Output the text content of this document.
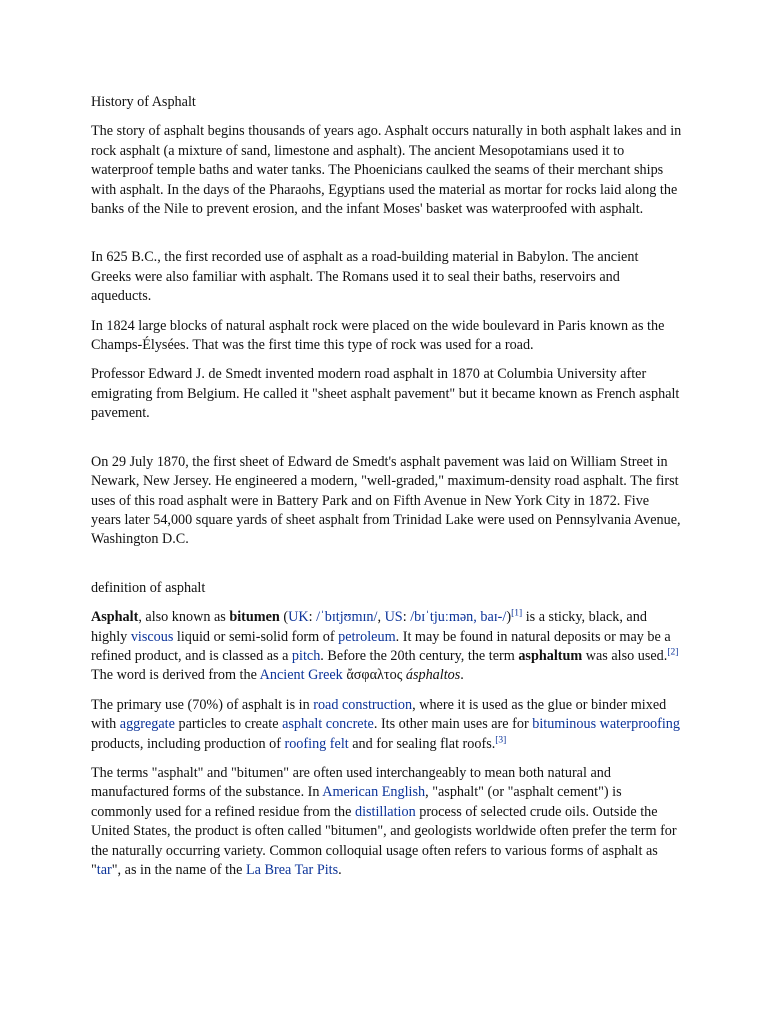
History of Asphalt

The story of asphalt begins thousands of years ago. Asphalt occurs naturally in both asphalt lakes and in rock asphalt (a mixture of sand, limestone and asphalt). The ancient Mesopotamians used it to waterproof temple baths and water tanks. The Phoenicians caulked the seams of their merchant ships with asphalt. In the days of the Pharaohs, Egyptians used the material as mortar for rocks laid along the banks of the Nile to prevent erosion, and the infant Moses' basket was waterproofed with asphalt.

In 625 B.C., the first recorded use of asphalt as a road-building material in Babylon. The ancient Greeks were also familiar with asphalt. The Romans used it to seal their baths, reservoirs and aqueducts.

In 1824 large blocks of natural asphalt rock were placed on the wide boulevard in Paris known as the Champs-Élysées. That was the first time this type of rock was used for a road.

Professor Edward J. de Smedt invented modern road asphalt in 1870 at Columbia University after emigrating from Belgium. He called it "sheet asphalt pavement" but it became known as French asphalt pavement.

On 29 July 1870, the first sheet of Edward de Smedt's asphalt pavement was laid on William Street in Newark, New Jersey. He engineered a modern, "well-graded," maximum-density road asphalt. The first uses of this road asphalt were in Battery Park and on Fifth Avenue in New York City in 1872. Five years later 54,000 square yards of sheet asphalt from Trinidad Lake were used on Pennsylvania Avenue, Washington D.C.

definition of asphalt

Asphalt, also known as bitumen (UK: /ˈbɪtjʊmɪn/, US: /bɪˈtjuːmən, baɪ-/)[1] is a sticky, black, and highly viscous liquid or semi-solid form of petroleum. It may be found in natural deposits or may be a refined product, and is classed as a pitch. Before the 20th century, the term asphaltum was also used.[2] The word is derived from the Ancient Greek ἄσφαλτος ásphaltos.

The primary use (70%) of asphalt is in road construction, where it is used as the glue or binder mixed with aggregate particles to create asphalt concrete. Its other main uses are for bituminous waterproofing products, including production of roofing felt and for sealing flat roofs.[3]

The terms "asphalt" and "bitumen" are often used interchangeably to mean both natural and manufactured forms of the substance. In American English, "asphalt" (or "asphalt cement") is commonly used for a refined residue from the distillation process of selected crude oils. Outside the United States, the product is often called "bitumen", and geologists worldwide often prefer the term for the naturally occurring variety. Common colloquial usage often refers to various forms of asphalt as "tar", as in the name of the La Brea Tar Pits.
